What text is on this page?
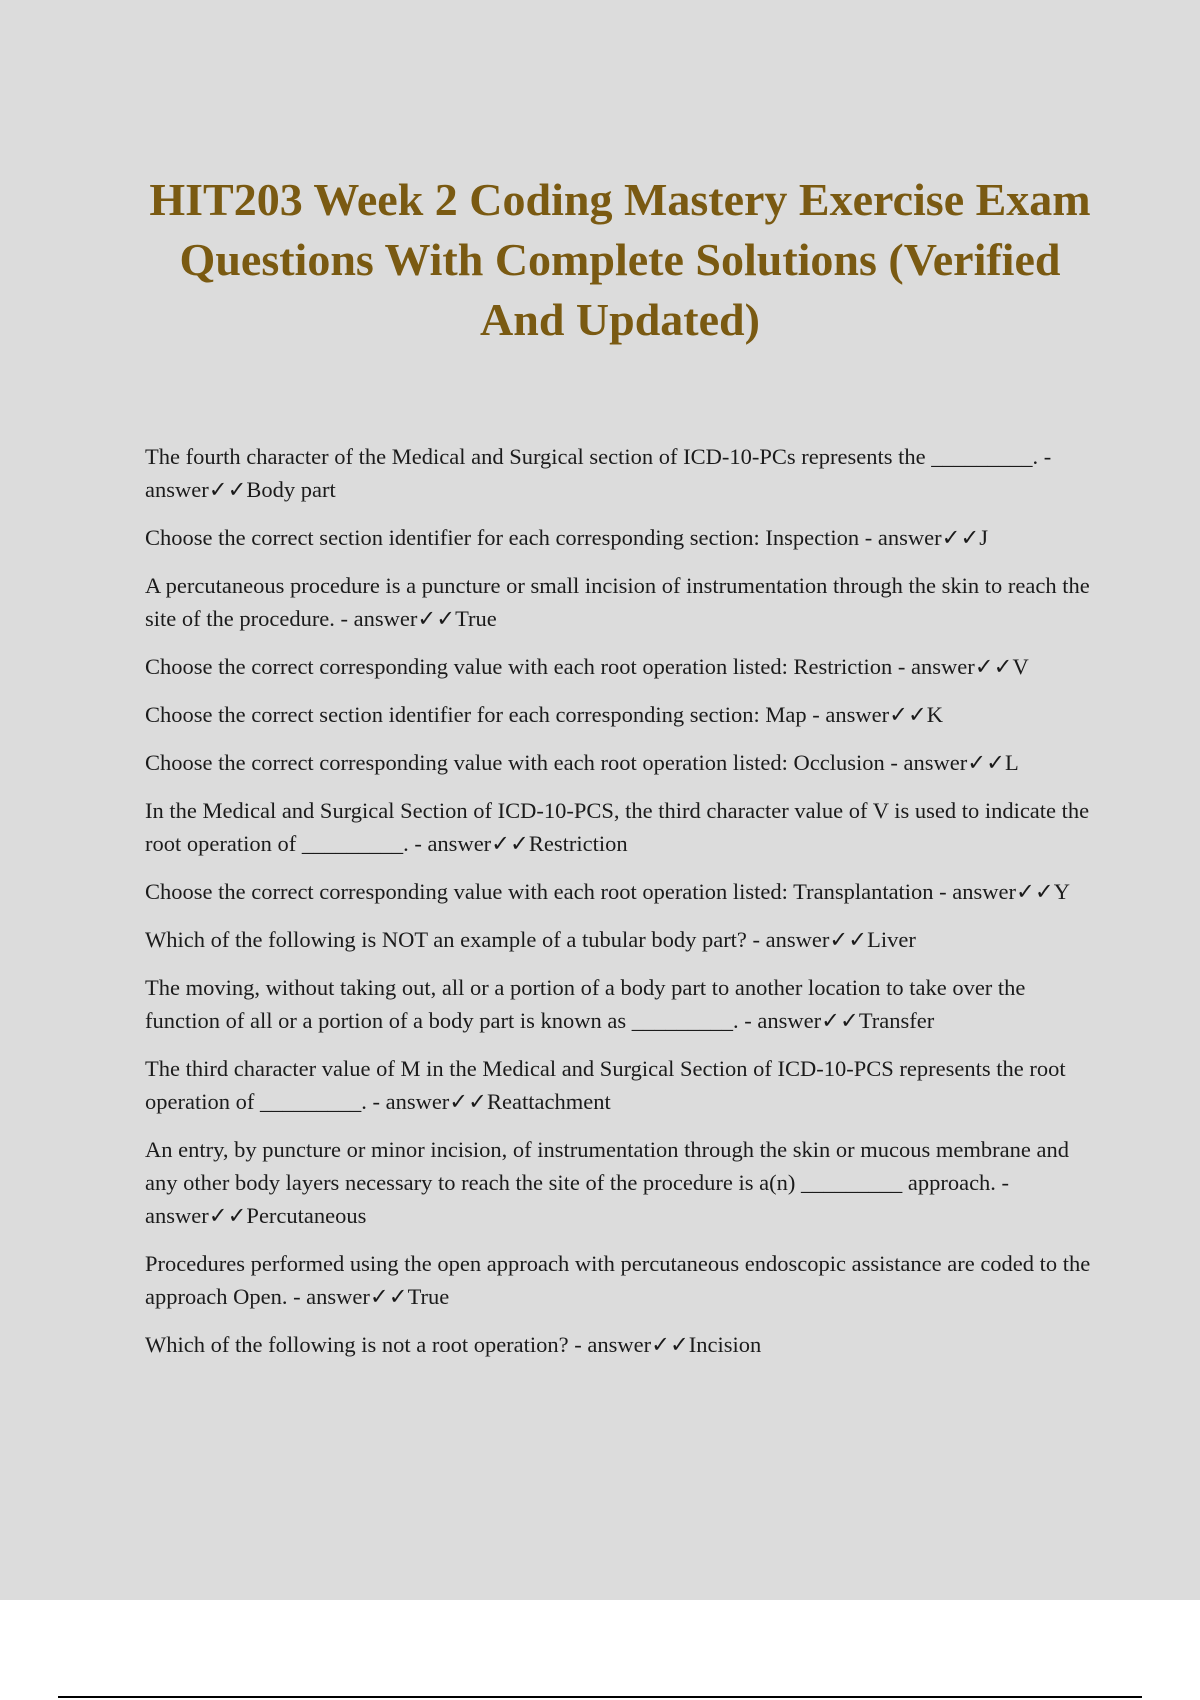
HIT203 Week 2 Coding Mastery Exercise Exam Questions With Complete Solutions (Verified And Updated)
The fourth character of the Medical and Surgical section of ICD-10-PCs represents the _________. - answer✓✓Body part
Choose the correct section identifier for each corresponding section: Inspection - answer✓✓J
A percutaneous procedure is a puncture or small incision of instrumentation through the skin to reach the site of the procedure. - answer✓✓True
Choose the correct corresponding value with each root operation listed: Restriction - answer✓✓V
Choose the correct section identifier for each corresponding section: Map - answer✓✓K
Choose the correct corresponding value with each root operation listed: Occlusion - answer✓✓L
In the Medical and Surgical Section of ICD-10-PCS, the third character value of V is used to indicate the root operation of _________. - answer✓✓Restriction
Choose the correct corresponding value with each root operation listed: Transplantation - answer✓✓Y
Which of the following is NOT an example of a tubular body part? - answer✓✓Liver
The moving, without taking out, all or a portion of a body part to another location to take over the function of all or a portion of a body part is known as _________. - answer✓✓Transfer
The third character value of M in the Medical and Surgical Section of ICD-10-PCS represents the root operation of _________. - answer✓✓Reattachment
An entry, by puncture or minor incision, of instrumentation through the skin or mucous membrane and any other body layers necessary to reach the site of the procedure is a(n) _________ approach. - answer✓✓Percutaneous
Procedures performed using the open approach with percutaneous endoscopic assistance are coded to the approach Open. - answer✓✓True
Which of the following is not a root operation? - answer✓✓Incision
